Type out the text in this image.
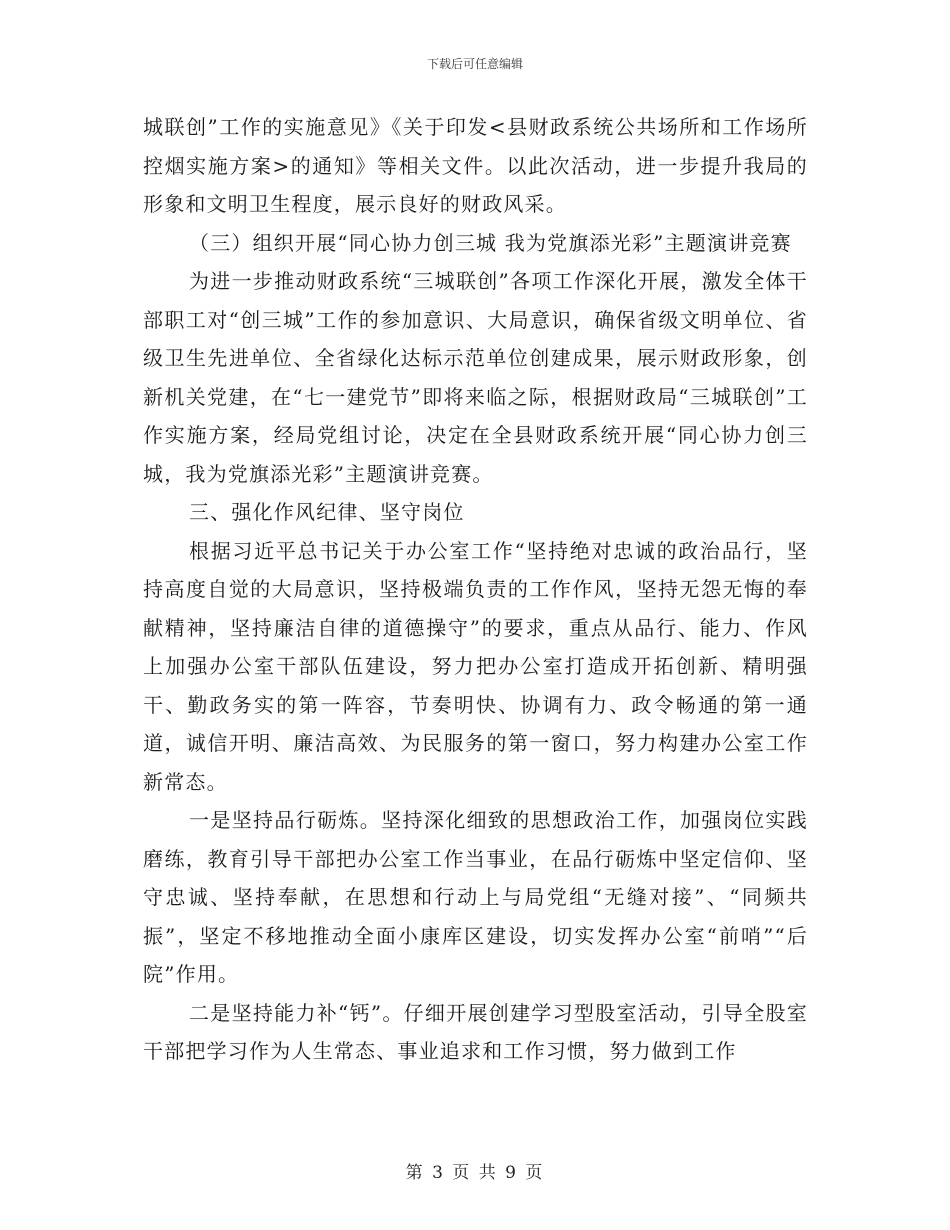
下载后可任意编辑

城联创”工作的实施意见》《关于印发<县财政系统公共场所和工作场所控烟实施方案>的通知》等相关文件。以此次活动，进一步提升我局的形象和文明卫生程度，展示良好的财政风采。

（三）组织开展“同心协力创三城 我为党旗添光彩”主题演讲竞赛

为进一步推动财政系统“三城联创”各项工作深化开展，激发全体干部职工对“创三城”工作的参加意识、大局意识，确保省级文明单位、省级卫生先进单位、全省绿化达标示范单位创建成果，展示财政形象，创新机关党建，在“七一建党节”即将来临之际，根据财政局“三城联创”工作实施方案，经局党组讨论，决定在全县财政系统开展“同心协力创三城，我为党旗添光彩”主题演讲竞赛。

三、强化作风纪律、坚守岗位

根据习近平总书记关于办公室工作“坚持绝对忠诚的政治品行，坚持高度自觉的大局意识，坚持极端负责的工作作风，坚持无怨无悔的奉献精神，坚持廉洁自律的道德操守”的要求，重点从品行、能力、作风上加强办公室干部队伍建设，努力把办公室打造成开拓创新、精明强干、勤政务实的第一阵容，节奏明快、协调有力、政令畅通的第一通道，诚信开明、廉洁高效、为民服务的第一窗口，努力构建办公室工作新常态。

一是坚持品行砺炼。坚持深化细致的思想政治工作，加强岗位实践磨练，教育引导干部把办公室工作当事业，在品行砺炼中坚定信仰、坚守忠诚、坚持奉献，在思想和行动上与局党组“无缝对接”、“同频共振”，坚定不移地推动全面小康库区建设，切实发挥办公室“前哨”“后院”作用。

二是坚持能力补“钙”。仔细开展创建学习型股室活动，引导全股室干部把学习作为人生常态、事业追求和工作习惯，努力做到工作

第 3 页 共 9 页
